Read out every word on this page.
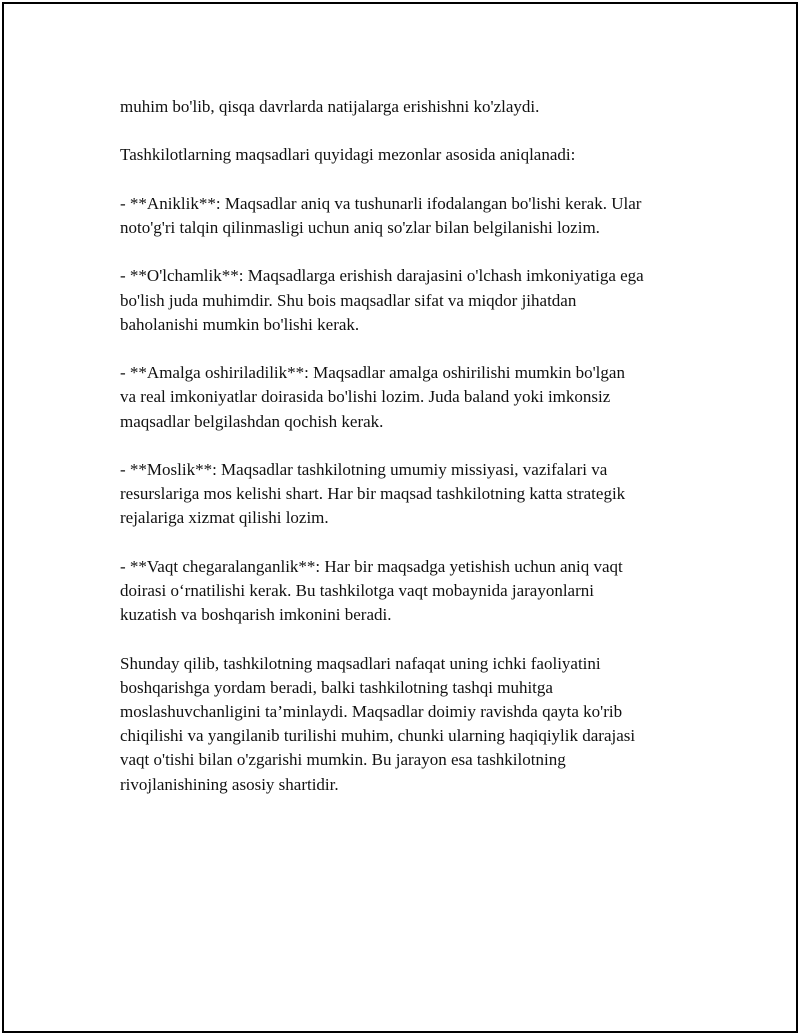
muhim bo'lib, qisqa davrlarda natijalarga erishishni ko'zlaydi.

Tashkilotlarning maqsadlari quyidagi mezonlar asosida aniqlanadi:

- **Aniklik**: Maqsadlar aniq va tushunarli ifodalangan bo'lishi kerak. Ular
noto'g'ri talqin qilinmasligi uchun aniq so'zlar bilan belgilanishi lozim.

- **O'lchamlik**: Maqsadlarga erishish darajasini o'lchash imkoniyatiga ega
bo'lish juda muhimdir. Shu bois maqsadlar sifat va miqdor jihatdan
baholanishi mumkin bo'lishi kerak.

- **Amalga oshiriladilik**: Maqsadlar amalga oshirilishi mumkin bo'lgan
va real imkoniyatlar doirasida bo'lishi lozim. Juda baland yoki imkonsiz
maqsadlar belgilashdan qochish kerak.

- **Moslik**: Maqsadlar tashkilotning umumiy missiyasi, vazifalari va
resurslariga mos kelishi shart. Har bir maqsad tashkilotning katta strategik
rejalariga xizmat qilishi lozim.

- **Vaqt chegaralanganlik**: Har bir maqsadga yetishish uchun aniq vaqt
doirasi o‘rnatilishi kerak. Bu tashkilotga vaqt mobaynida jarayonlarni
kuzatish va boshqarish imkonini beradi.

Shunday qilib, tashkilotning maqsadlari nafaqat uning ichki faoliyatini
boshqarishga yordam beradi, balki tashkilotning tashqi muhitga
moslashuvchanligini ta’minlaydi. Maqsadlar doimiy ravishda qayta ko'rib
chiqilishi va yangilanib turilishi muhim, chunki ularning haqiqiylik darajasi
vaqt o'tishi bilan o'zgarishi mumkin. Bu jarayon esa tashkilotning
rivojlanishining asosiy shartidir.
